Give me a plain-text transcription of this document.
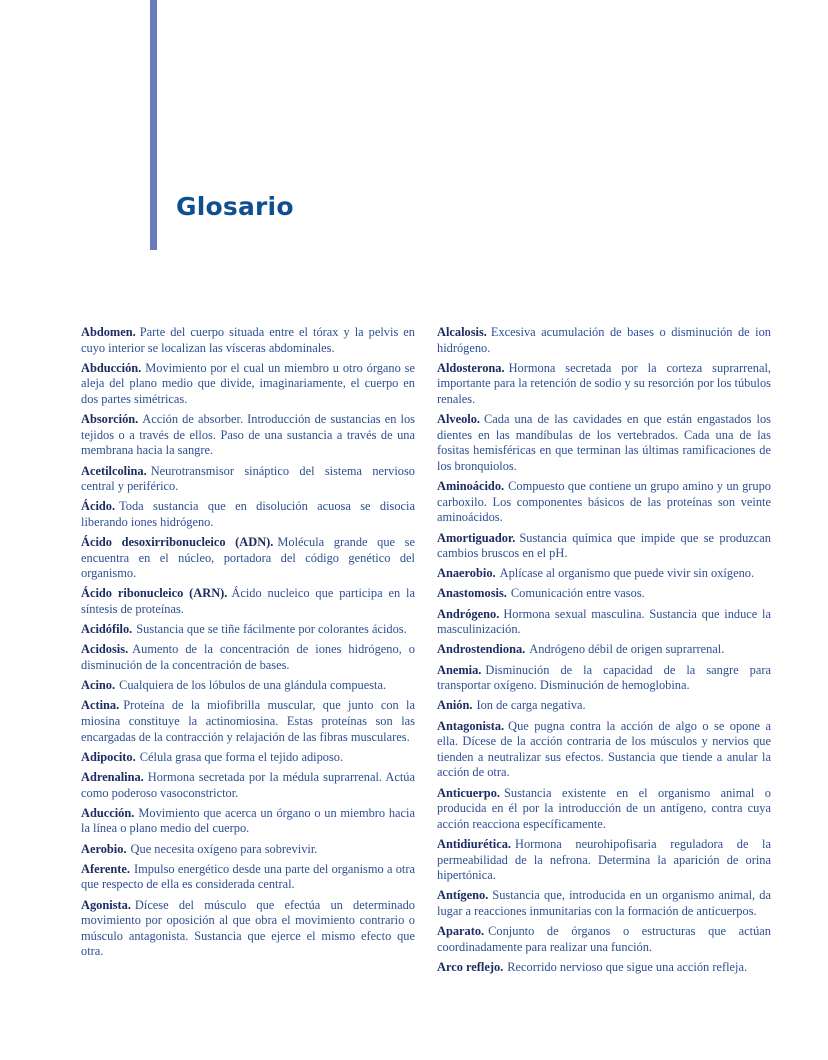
Glosario

Abdomen. Parte del cuerpo situada entre el tórax y la pelvis en cuyo interior se localizan las vísceras abdominales.

Abducción. Movimiento por el cual un miembro u otro órgano se aleja del plano medio que divide, imaginariamente, el cuerpo en dos partes simétricas.

Absorción. Acción de absorber. Introducción de sustancias en los tejidos o a través de ellos. Paso de una sustancia a través de una membrana hacia la sangre.

Acetilcolina. Neurotransmisor sináptico del sistema nervioso central y periférico.

Ácido. Toda sustancia que en disolución acuosa se disocia liberando iones hidrógeno.

Ácido desoxirribonucleico (ADN). Molécula grande que se encuentra en el núcleo, portadora del código genético del organismo.

Ácido ribonucleico (ARN). Ácido nucleico que participa en la síntesis de proteínas.

Acidófilo. Sustancia que se tiñe fácilmente por colorantes ácidos.

Acidosis. Aumento de la concentración de iones hidrógeno, o disminución de la concentración de bases.

Acino. Cualquiera de los lóbulos de una glándula compuesta.

Actina. Proteína de la miofibrilla muscular, que junto con la miosina constituye la actinomiosina. Estas proteínas son las encargadas de la contracción y relajación de las fibras musculares.

Adipocito. Célula grasa que forma el tejido adiposo.

Adrenalina. Hormona secretada por la médula suprarrenal. Actúa como poderoso vasoconstrictor.

Aducción. Movimiento que acerca un órgano o un miembro hacia la línea o plano medio del cuerpo.

Aerobio. Que necesita oxígeno para sobrevivir.

Aferente. Impulso energético desde una parte del organismo a otra que respecto de ella es considerada central.

Agonista. Dícese del músculo que efectúa un determinado movimiento por oposición al que obra el movimiento contrario o músculo antagonista. Sustancia que ejerce el mismo efecto que otra.

Alcalosis. Excesiva acumulación de bases o disminución de ion hidrógeno.

Aldosterona. Hormona secretada por la corteza suprarrenal, importante para la retención de sodio y su resorción por los túbulos renales.

Alveolo. Cada una de las cavidades en que están engastados los dientes en las mandíbulas de los vertebrados. Cada una de las fositas hemisféricas en que terminan las últimas ramificaciones de los bronquiolos.

Aminoácido. Compuesto que contiene un grupo amino y un grupo carboxilo. Los componentes básicos de las proteínas son veinte aminoácidos.

Amortiguador. Sustancia química que impide que se produzcan cambios bruscos en el pH.

Anaerobio. Aplícase al organismo que puede vivir sin oxígeno.

Anastomosis. Comunicación entre vasos.

Andrógeno. Hormona sexual masculina. Sustancia que induce la masculinización.

Androstendiona. Andrógeno débil de origen suprarrenal.

Anemia. Disminución de la capacidad de la sangre para transportar oxígeno. Disminución de hemoglobina.

Anión. Ion de carga negativa.

Antagonista. Que pugna contra la acción de algo o se opone a ella. Dícese de la acción contraria de los músculos y nervios que tienden a neutralizar sus efectos. Sustancia que tiende a anular la acción de otra.

Anticuerpo. Sustancia existente en el organismo animal o producida en él por la introducción de un antígeno, contra cuya acción reacciona específicamente.

Antidiurética. Hormona neurohipofisaria reguladora de la permeabilidad de la nefrona. Determina la aparición de orina hipertónica.

Antígeno. Sustancia que, introducida en un organismo animal, da lugar a reacciones inmunitarias con la formación de anticuerpos.

Aparato. Conjunto de órganos o estructuras que actúan coordinadamente para realizar una función.

Arco reflejo. Recorrido nervioso que sigue una acción refleja.
